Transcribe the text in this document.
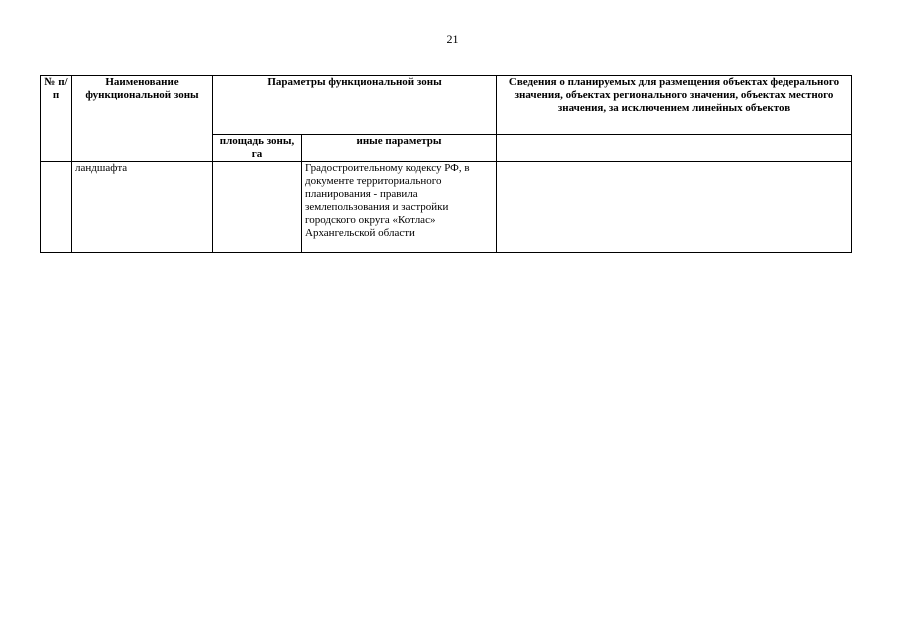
21
№ п/п	Наименование функциональной зоны	Параметры функциональной зоны		Сведения о планируемых для размещения объектах федерального значения, объектах регионального значения, объектах местного значения, за исключением линейных объектов
		площадь зоны, га	иные параметры	
	ландшафта		Градостроительному кодексу РФ, в документе территориального планирования - правила землепользования и застройки городского округа «Котлас» Архангельской области	
